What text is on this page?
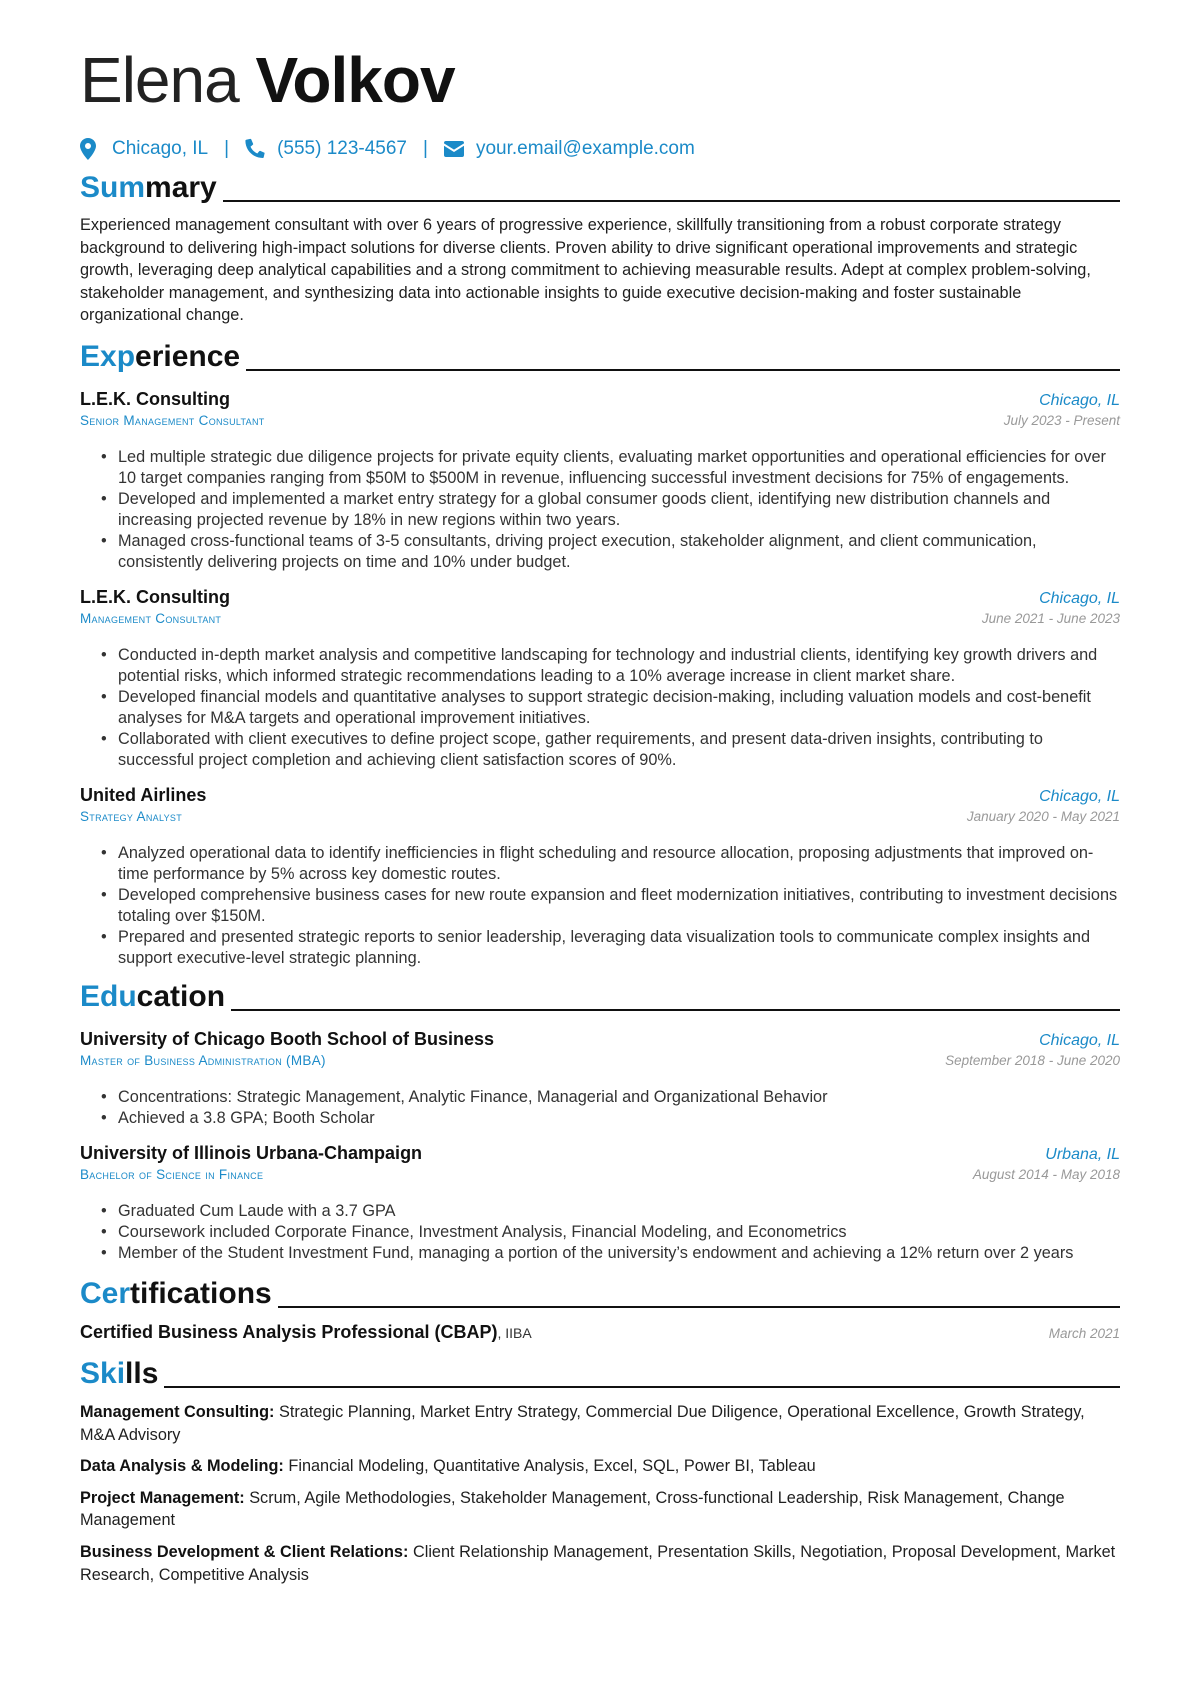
Elena Volkov
Chicago, IL |	(555) 123-4567 |	your.email@example.com
Summary
Experienced management consultant with over 6 years of progressive experience, skillfully transitioning from a robust corporate strategy background to delivering high-impact solutions for diverse clients. Proven ability to drive significant operational improvements and strategic growth, leveraging deep analytical capabilities and a strong commitment to achieving measurable results. Adept at complex problem-solving, stakeholder management, and synthesizing data into actionable insights to guide executive decision-making and foster sustainable organizational change.
Experience
L.E.K. Consulting	Chicago, IL
Senior Management Consultant	July 2023 - Present
• Led multiple strategic due diligence projects for private equity clients, evaluating market opportunities and operational efficiencies for over 10 target companies ranging from $50M to $500M in revenue, influencing successful investment decisions for 75% of engagements.
• Developed and implemented a market entry strategy for a global consumer goods client, identifying new distribution channels and increasing projected revenue by 18% in new regions within two years.
• Managed cross-functional teams of 3-5 consultants, driving project execution, stakeholder alignment, and client communication, consistently delivering projects on time and 10% under budget.
L.E.K. Consulting	Chicago, IL
Management Consultant	June 2021 - June 2023
• Conducted in-depth market analysis and competitive landscaping for technology and industrial clients, identifying key growth drivers and potential risks, which informed strategic recommendations leading to a 10% average increase in client market share.
• Developed financial models and quantitative analyses to support strategic decision-making, including valuation models and cost-benefit analyses for M&A targets and operational improvement initiatives.
• Collaborated with client executives to define project scope, gather requirements, and present data-driven insights, contributing to successful project completion and achieving client satisfaction scores of 90%.
United Airlines	Chicago, IL
Strategy Analyst	January 2020 - May 2021
• Analyzed operational data to identify inefficiencies in flight scheduling and resource allocation, proposing adjustments that improved on-time performance by 5% across key domestic routes.
• Developed comprehensive business cases for new route expansion and fleet modernization initiatives, contributing to investment decisions totaling over $150M.
• Prepared and presented strategic reports to senior leadership, leveraging data visualization tools to communicate complex insights and support executive-level strategic planning.
Education
University of Chicago Booth School of Business	Chicago, IL
Master of Business Administration (MBA)	September 2018 - June 2020
• Concentrations: Strategic Management, Analytic Finance, Managerial and Organizational Behavior
• Achieved a 3.8 GPA; Booth Scholar
University of Illinois Urbana-Champaign	Urbana, IL
Bachelor of Science in Finance	August 2014 - May 2018
• Graduated Cum Laude with a 3.7 GPA
• Coursework included Corporate Finance, Investment Analysis, Financial Modeling, and Econometrics
• Member of the Student Investment Fund, managing a portion of the university’s endowment and achieving a 12% return over 2 years
Certifications
Certified Business Analysis Professional (CBAP), IIBA	March 2021
Skills
Management Consulting: Strategic Planning, Market Entry Strategy, Commercial Due Diligence, Operational Excellence, Growth Strategy, M&A Advisory
Data Analysis & Modeling: Financial Modeling, Quantitative Analysis, Excel, SQL, Power BI, Tableau
Project Management: Scrum, Agile Methodologies, Stakeholder Management, Cross-functional Leadership, Risk Management, Change Management
Business Development & Client Relations: Client Relationship Management, Presentation Skills, Negotiation, Proposal Development, Market Research, Competitive Analysis
